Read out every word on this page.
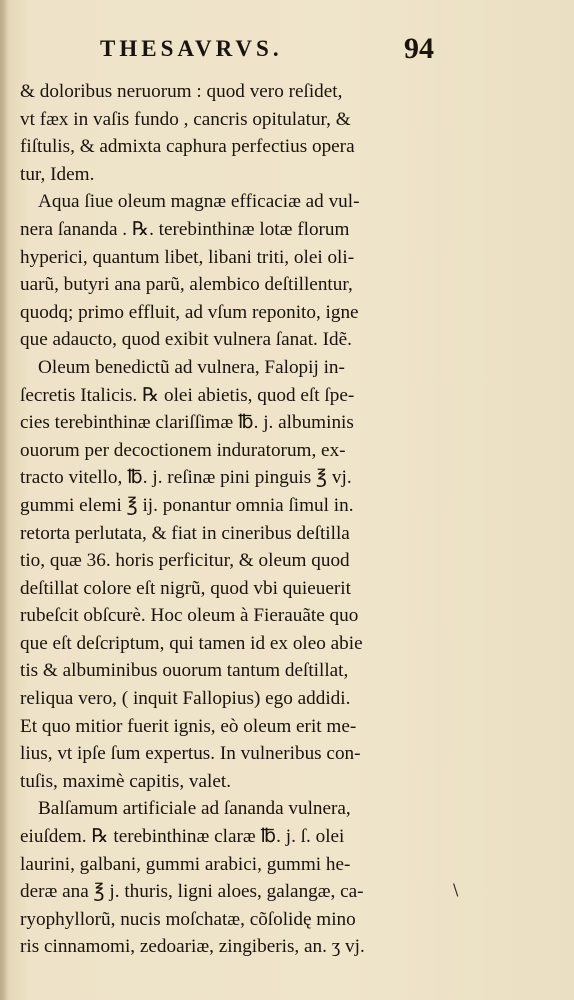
THESAVRVS.	94
& doloribus neruorum : quod vero reſidet,
vt fæx in vaſis fundo , cancris opitulatur, &
fiſtulis, & admixta caphura perfectius opera
tur, Idem.
Aqua ſiue oleum magnæ efficaciæ ad vul-
nera ſananda . ℞. terebinthinæ lotæ florum
hyperici, quantum libet, libani triti, olei oli-
uarũ, butyri ana parũ, alembico deſtillentur,
quodq; primo effluit, ad vſum reponito, igne
que adaucto, quod exibit vulnera ſanat. Idẽ.
Oleum benedictũ ad vulnera, Falopij in-
ſecretis Italicis. ℞ olei abietis, quod eſt ſpe-
cies terebinthinæ clariſſimæ ℔. j. albuminis
ouorum per decoctionem induratorum, ex-
tracto vitello, ℔. j. reſinæ pini pinguis ℥ vj.
gummi elemi ℥ ij. ponantur omnia ſimul in.
retorta perlutata, & fiat in cineribus deſtilla
tio, quæ 36. horis perficitur, & oleum quod
deſtillat colore eſt nigrũ, quod vbi quieuerit
rubeſcit obſcurè. Hoc oleum à Fierauãte quo
que eſt deſcriptum, qui tamen id ex oleo abie
tis & albuminibus ouorum tantum deſtillat,
reliqua vero, ( inquit Fallopius) ego addidi.
Et quo mitior fuerit ignis, eò oleum erit me-
lius, vt ipſe ſum expertus. In vulneribus con-
tuſis, maximè capitis, valet.
Balſamum artificiale ad ſananda vulnera,
eiuſdem. ℞ terebinthinæ claræ ℔. j. ſ. olei
laurini, galbani, gummi arabici, gummi he-
deræ ana ℥ j. thuris, ligni aloes, galangæ, ca-
ryophyllorũ, nucis moſchatæ, cõſolidę mino
ris cinnamomi, zedoariæ, zingiberis, an. ʒ vj.
\
